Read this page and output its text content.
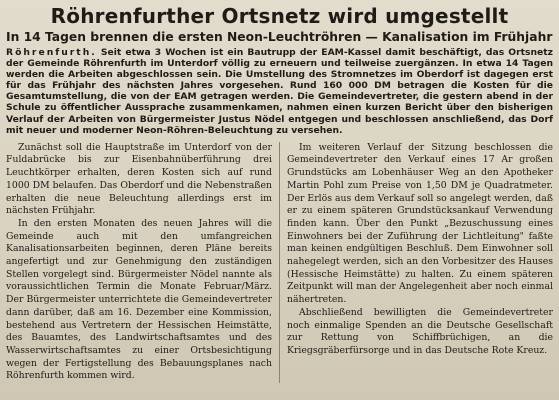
Röhrenfurther Ortsnetz wird umgestellt
In 14 Tagen brennen die ersten Neon-Leuchtröhren — Kanalisation im Frühjahr

Röhrenfurth. Seit etwa 3 Wochen ist ein Bautrupp der EAM-Kassel damit beschäftigt, das Ortsnetz der Gemeinde Röhrenfurth im Unterdorf völlig zu erneuern und teilweise zuergänzen. In etwa 14 Tagen werden die Arbeiten abgeschlossen sein. Die Umstellung des Stromnetzes im Oberdorf ist dagegen erst für das Frühjahr des nächsten Jahres vorgesehen. Rund 160 000 DM betragen die Kosten für die Gesamtumstellung, die von der EAM getragen werden. Die Gemeindevertreter, die gestern abend in der Schule zu öffentlicher Aussprache zusammenkamen, nahmen einen kurzen Bericht über den bisherigen Verlauf der Arbeiten von Bürgermeister Justus Nödel entgegen und beschlossen anschließend, das Dorf mit neuer und moderner Neon-Röhren-Beleuchtung zu versehen.

Zunächst soll die Hauptstraße im Unterdorf von der Fuldabrücke bis zur Eisenbahnüberführung drei Leuchtkörper erhalten, deren Kosten sich auf rund 1000 DM belaufen. Das Oberdorf und die Nebenstraßen erhalten die neue Beleuchtung allerdings erst im nächsten Frühjahr.

In den ersten Monaten des neuen Jahres will die Gemeinde auch mit den umfangreichen Kanalisationsarbeiten beginnen, deren Pläne bereits angefertigt und zur Genehmigung den zuständigen Stellen vorgelegt sind. Bürgermeister Nödel nannte als voraussichtlichen Termin die Monate Februar/März. Der Bürgermeister unterrichtete die Gemeindevertreter dann darüber, daß am 16. Dezember eine Kommission, bestehend aus Vertretern der Hessischen Heimstätte, des Bauamtes, des Landwirtschaftsamtes und des Wasserwirtschaftsamtes zu einer Ortsbesichtigung wegen der Fertigstellung des Bebauungsplanes nach Röhrenfurth kommen wird.

Im weiteren Verlauf der Sitzung beschlossen die Gemeindevertreter den Verkauf eines 17 Ar großen Grundstücks am Lobenhäuser Weg an den Apotheker Martin Pohl zum Preise von 1,50 DM je Quadratmeter. Der Erlös aus dem Verkauf soll so angelegt werden, daß er zu einem späteren Grundstücksankauf Verwendung finden kann. Über den Punkt „Bezuschussung eines Einwohners bei der Zuführung der Lichtleitung" faßte man keinen endgültigen Beschluß. Dem Einwohner soll nahegelegt werden, sich an den Vorbesitzer des Hauses (Hessische Heimstätte) zu halten. Zu einem späteren Zeitpunkt will man der Angelegenheit aber noch einmal nähertreten.

Abschließend bewilligten die Gemeindevertreter noch einmalige Spenden an die Deutsche Gesellschaft zur Rettung von Schiffbrüchigen, an die Kriegsgräberfürsorge und in das Deutsche Rote Kreuz.
